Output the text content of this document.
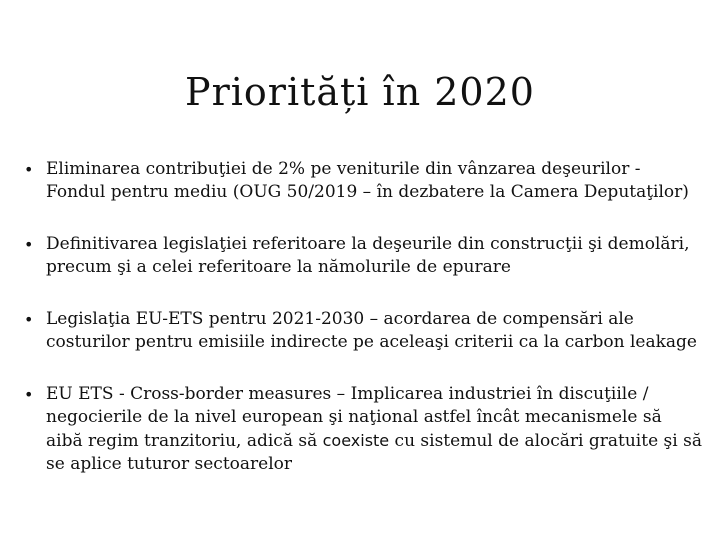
Priorități în 2020
• Eliminarea contribuţiei de 2% pe veniturile din vânzarea deşeurilor - Fondul pentru mediu (OUG 50/2019 – în dezbatere la Camera Deputaţilor)
• Definitivarea legislaţiei referitoare la deşeurile din construcţii şi demolări, precum şi a celei referitoare la nămolurile de epurare
• Legislaţia EU-ETS pentru 2021-2030 – acordarea de compensări ale costurilor pentru emisiile indirecte pe aceleaşi criterii ca la carbon leakage
• EU ETS - Cross-border measures – Implicarea industriei în discuţiile / negocierile de la nivel european şi naţional astfel încât mecanismele să aibă regim tranzitoriu, adică să coexiste cu sistemul de alocări gratuite şi să se aplice tuturor sectoarelor
